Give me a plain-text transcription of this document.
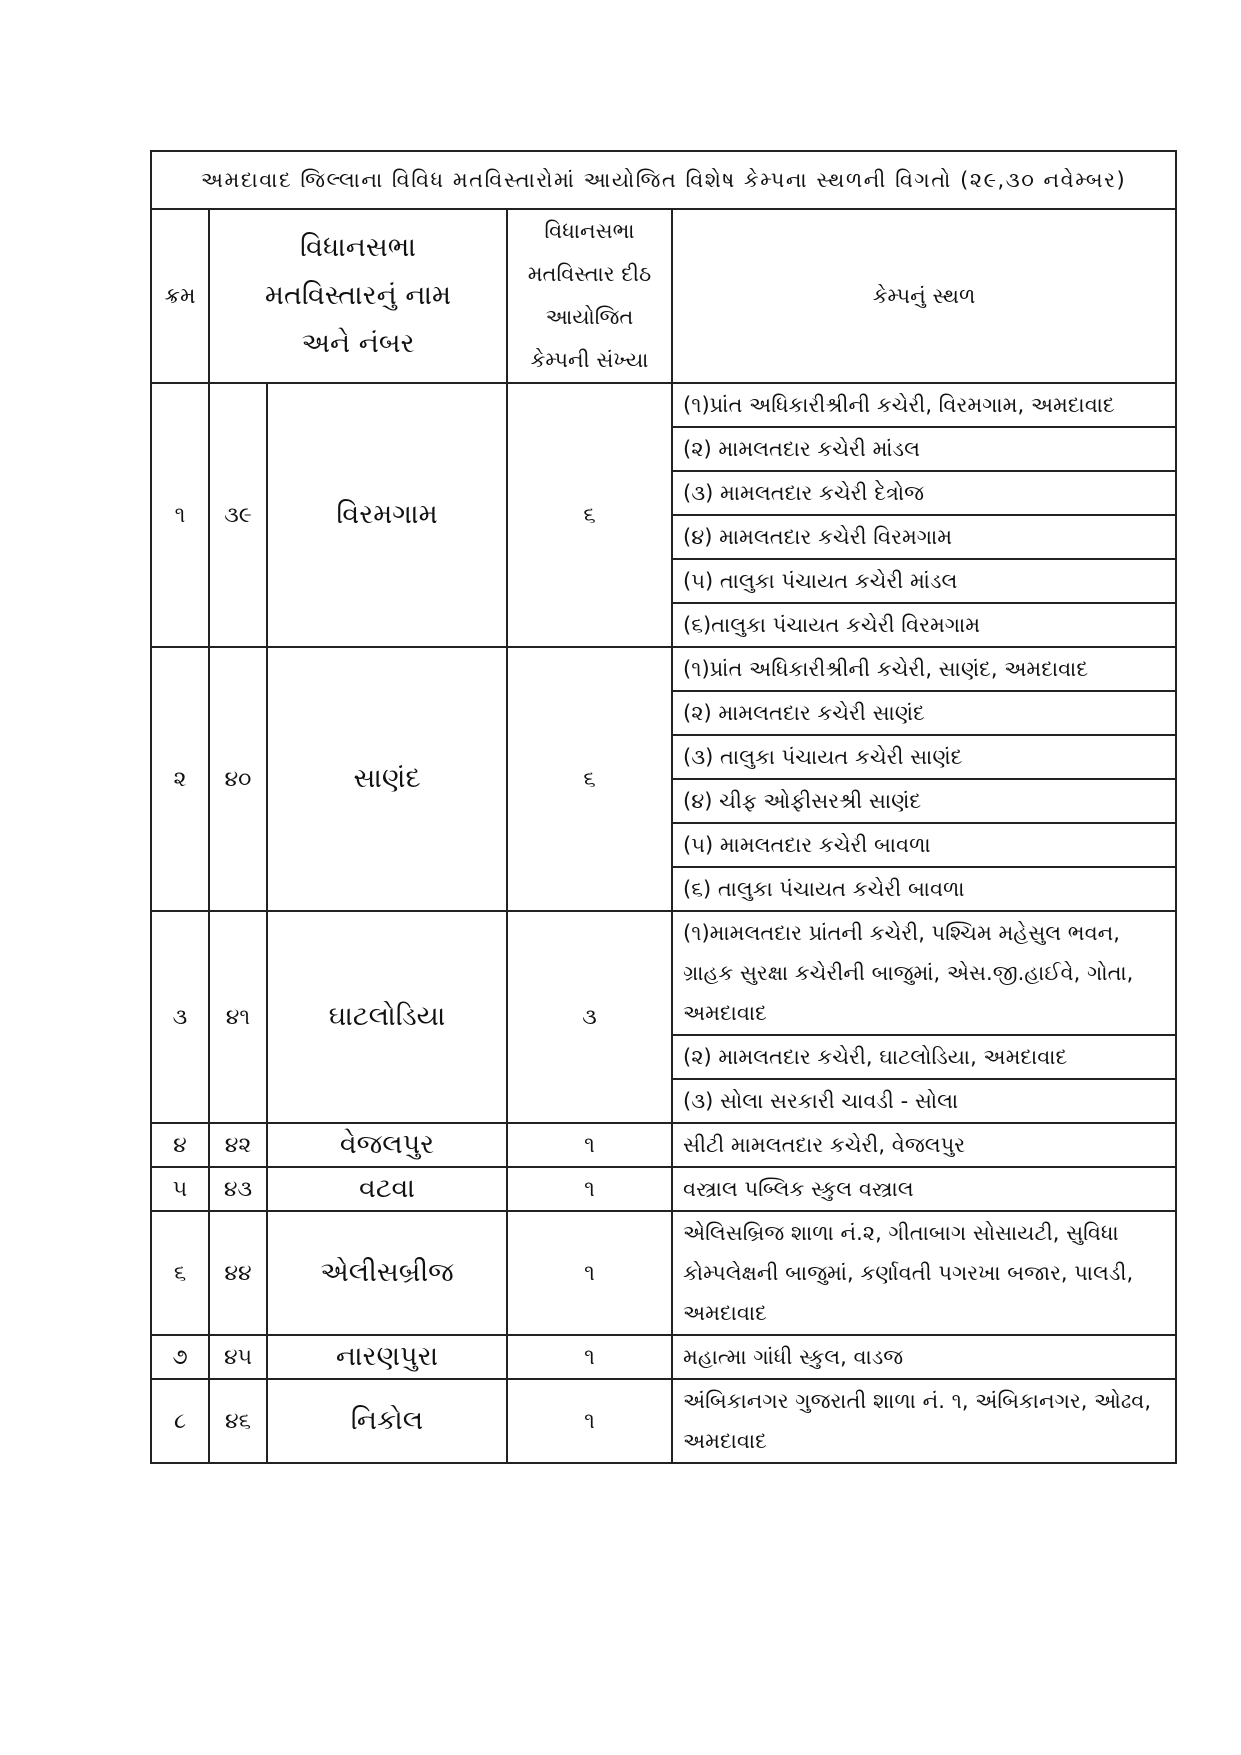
અમદાવાદ જિલ્લાના વિવિધ મતવિસ્તારોમાં આયોજિત વિશેષ કેમ્પના સ્થળની વિગતો (૨૯,૩૦ નવેમ્બર)				
ક્રમ	વિધાનસભા મતવિસ્તારનું નામ અને નંબર		વિધાનસભા મતવિસ્તાર દીઠ આયોજિત કેમ્પની સંખ્યા	કેમ્પનું સ્થળ
૧	૩૯	વિરમગામ	૬	(૧)પ્રાંત અધિકારીશ્રીની કચેરી, વિરમગામ, અમદાવાદ
				(૨) મામલતદાર કચેરી માંડલ
				(૩) મામલતદાર કચેરી દેત્રોજ
				(૪) મામલતદાર કચેરી વિરમગામ
				(૫) તાલુકા પંચાયત કચેરી માંડલ
				(૬)તાલુકા પંચાયત કચેરી વિરમગામ
૨	૪૦	સાણંદ	૬	(૧)પ્રાંત અધિકારીશ્રીની કચેરી, સાણંદ, અમદાવાદ
				(૨) મામલતદાર કચેરી સાણંદ
				(૩) તાલુકા પંચાયત કચેરી સાણંદ
				(૪) ચીફ ઓફીસરશ્રી સાણંદ
				(૫) મામલતદાર કચેરી બાવળા
				(૬) તાલુકા પંચાયત કચેરી બાવળા
૩	૪૧	ઘાટલોડિયા	૩	(૧)મામલતદાર પ્રાંતની કચેરી, પશ્ચિમ મહેસુલ ભવન, ગ્રાહક સુરક્ષા કચેરીની બાજુમાં, એસ.જી.હાઈવે, ગોતા, અમદાવાદ
				(૨) મામલતદાર કચેરી, ઘાટલોડિયા, અમદાવાદ
				(૩) સોલા સરકારી ચાવડી - સોલા
૪	૪૨	વેજલપુર	૧	સીટી મામલતદાર કચેરી, વેજલપુર
૫	૪૩	વટવા	૧	વસ્ત્રાલ પબ્લિક સ્કુલ વસ્ત્રાલ
૬	૪૪	એલીસબ્રીજ	૧	એલિસબ્રિજ શાળા નં.૨, ગીતાબાગ સોસાયટી, સુવિધા કોમ્પલેક્ષની બાજુમાં, કર્ણાવતી પગરખા બજાર, પાલડી, અમદાવાદ
૭	૪૫	નારણપુરા	૧	મહાત્મા ગાંધી સ્કુલ, વાડજ
૮	૪૬	નિકોલ	૧	અંબિકાનગર ગુજરાતી શાળા નં. ૧, અંબિકાનગર, ઓઢવ, અમદાવાદ
